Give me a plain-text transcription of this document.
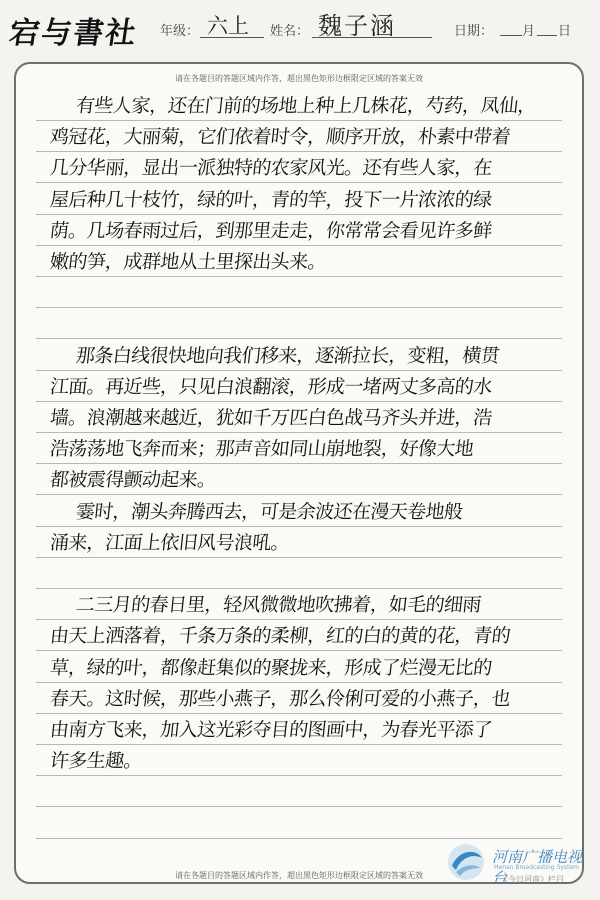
宕与書社 年级： 六上 姓名： 魏子涵	日期： 月 日
请在各题目的答题区域内作答，超出黑色矩形边框限定区域的答案无效
有些人家，还在门前的场地上种上几株花，芍药，凤仙，
鸡冠花，大丽菊，它们依着时令，顺序开放，朴素中带着
几分华丽，显出一派独特的农家风光。还有些人家，在
屋后种几十枝竹，绿的叶，青的竿，投下一片浓浓的绿
荫。几场春雨过后，到那里走走，你常常会看见许多鲜
嫩的笋，成群地从土里探出头来。
那条白线很快地向我们移来，逐渐拉长，变粗，横贯
江面。再近些，只见白浪翻滚，形成一堵两丈多高的水
墙。浪潮越来越近，犹如千万匹白色战马齐头并进，浩
浩荡荡地飞奔而来；那声音如同山崩地裂，好像大地
都被震得颤动起来。
霎时，潮头奔腾西去，可是余波还在漫天卷地般
涌来，江面上依旧风号浪吼。
二三月的春日里，轻风微微地吹拂着，如毛的细雨
由天上洒落着，千条万条的柔柳，红的白的黄的花，青的
草，绿的叶，都像赶集似的聚拢来，形成了烂漫无比的
春天。这时候，那些小燕子，那么伶俐可爱的小燕子，也
由南方飞来，加入这光彩夺目的图画中，为春光平添了
许多生趣。
请在各题目的答题区域内作答，超出黑色矩形边框限定区域的答案无效
河南广播电视台
Henan Broadcasting System
《今日河南》栏目
